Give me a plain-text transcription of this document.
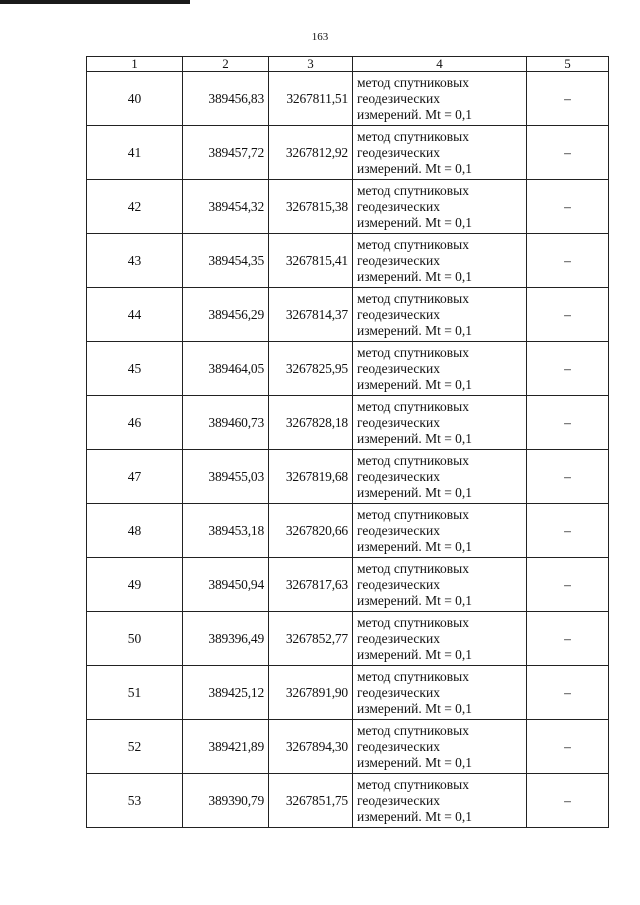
163
1	2	3	4	5
40	389456,83	3267811,51	метод спутниковых
геодезических
измерений. Mt = 0,1	–
41	389457,72	3267812,92	метод спутниковых
геодезических
измерений. Mt = 0,1	–
42	389454,32	3267815,38	метод спутниковых
геодезических
измерений. Mt = 0,1	–
43	389454,35	3267815,41	метод спутниковых
геодезических
измерений. Mt = 0,1	–
44	389456,29	3267814,37	метод спутниковых
геодезических
измерений. Mt = 0,1	–
45	389464,05	3267825,95	метод спутниковых
геодезических
измерений. Mt = 0,1	–
46	389460,73	3267828,18	метод спутниковых
геодезических
измерений. Mt = 0,1	–
47	389455,03	3267819,68	метод спутниковых
геодезических
измерений. Mt = 0,1	–
48	389453,18	3267820,66	метод спутниковых
геодезических
измерений. Mt = 0,1	–
49	389450,94	3267817,63	метод спутниковых
геодезических
измерений. Mt = 0,1	–
50	389396,49	3267852,77	метод спутниковых
геодезических
измерений. Mt = 0,1	–
51	389425,12	3267891,90	метод спутниковых
геодезических
измерений. Mt = 0,1	–
52	389421,89	3267894,30	метод спутниковых
геодезических
измерений. Mt = 0,1	–
53	389390,79	3267851,75	метод спутниковых
геодезических
измерений. Mt = 0,1	–
